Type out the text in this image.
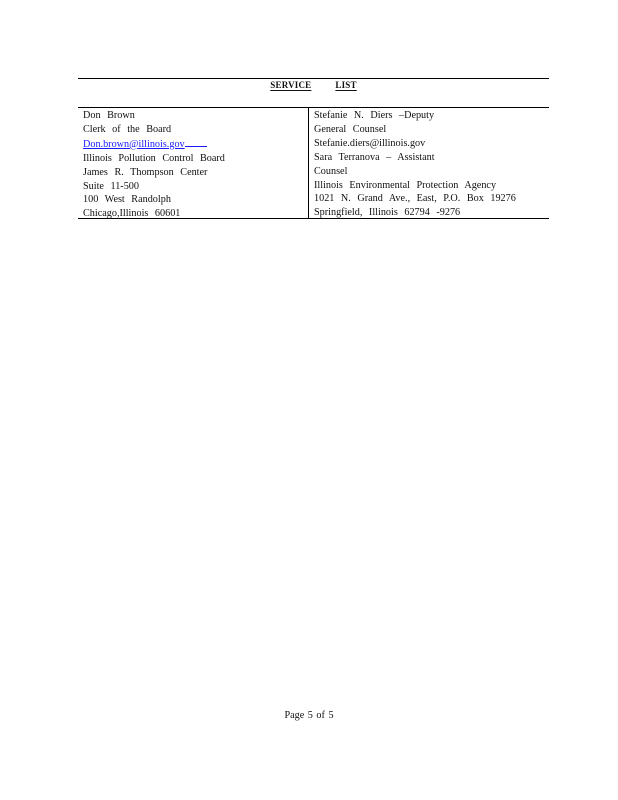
SERVICE	LIST
Don Brown
Clerk of the Board
Don.brown@illinois.gov
Illinois Pollution Control Board
James R. Thompson Center
Suite 11-500
100 West Randolph
Chicago,Illinois 60601
Stefanie N. Diers –Deputy
General Counsel
Stefanie.diers@illinois.gov
Sara Terranova – Assistant
Counsel
Illinois Environmental Protection Agency
1021 N. Grand Ave., East, P.O. Box 19276
Springfield, Illinois 62794 -9276
Page 5 of 5
